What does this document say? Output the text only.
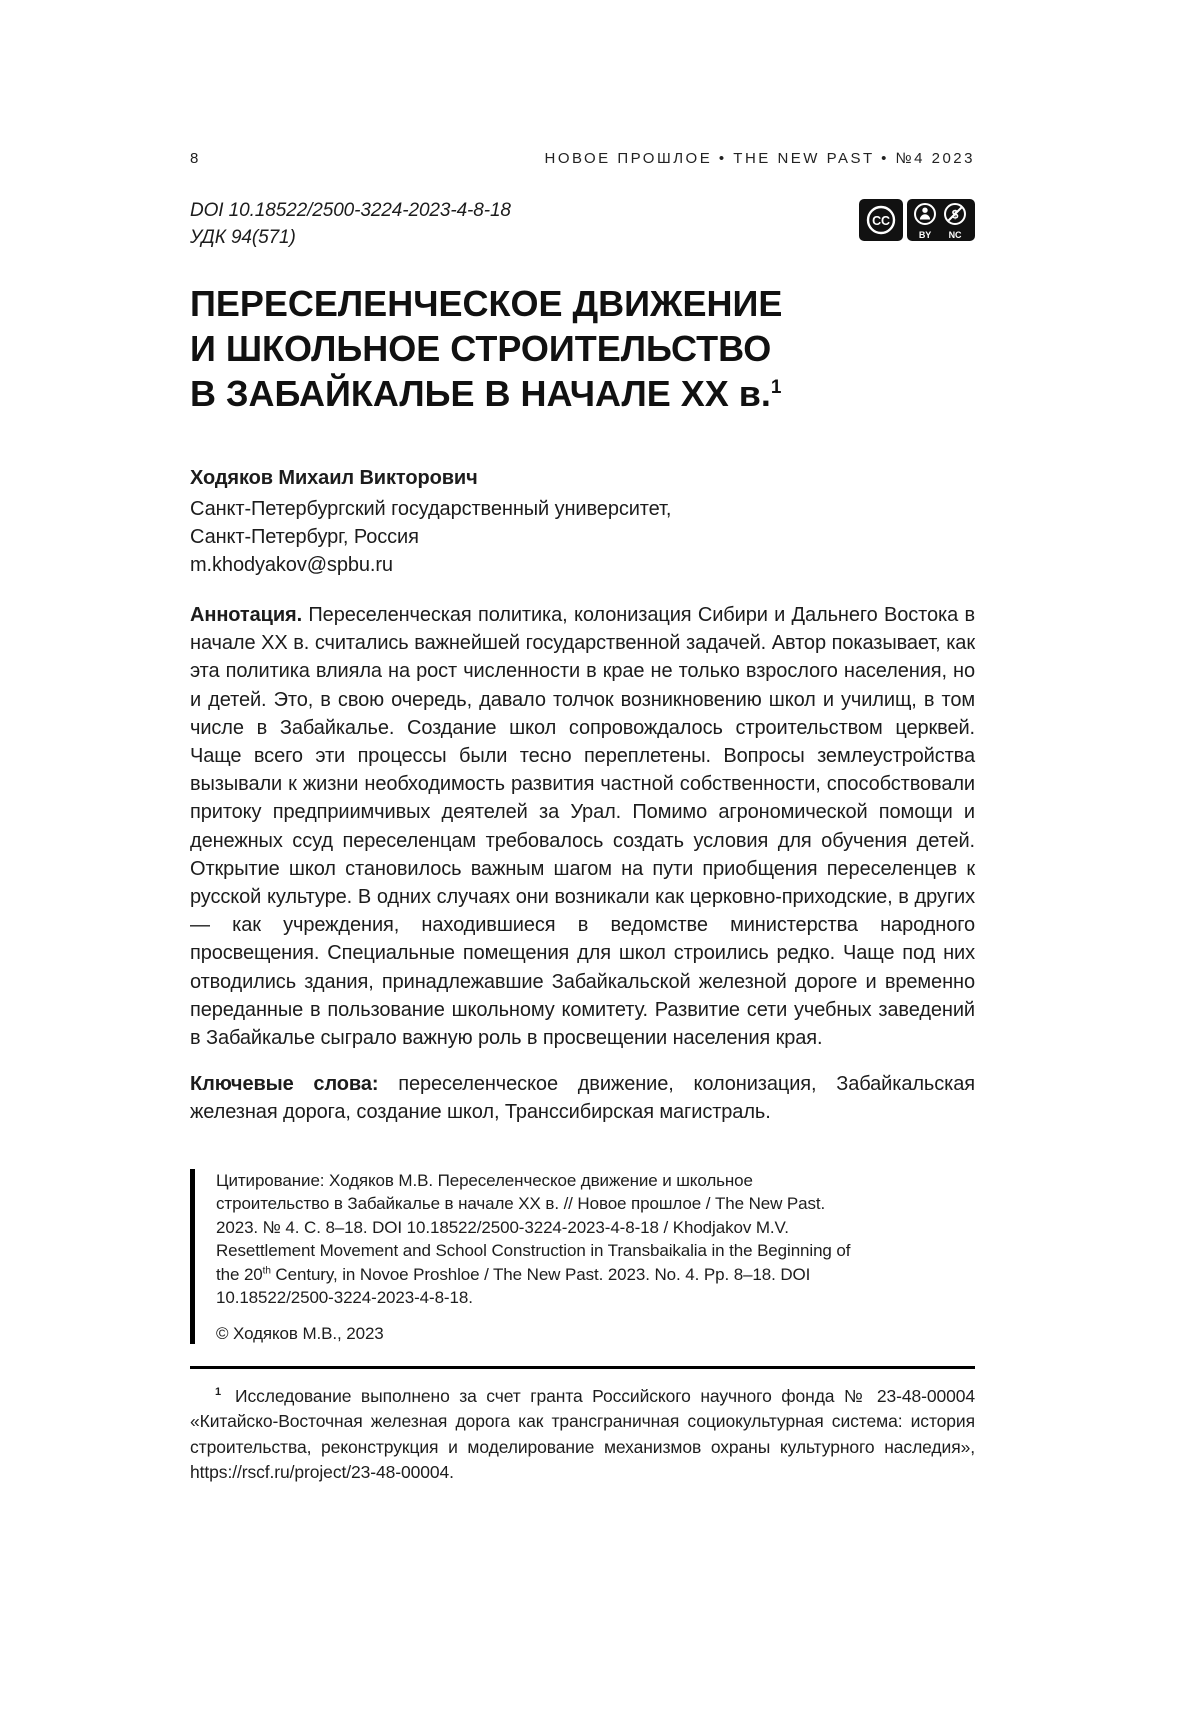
8	НОВОЕ ПРОШЛОЕ • THE NEW PAST • №4 2023
DOI 10.18522/2500-3224-2023-4-8-18
УДК 94(571)
CC
BY
$
NC
ПЕРЕСЕЛЕНЧЕСКОЕ ДВИЖЕНИЕ
И ШКОЛЬНОЕ СТРОИТЕЛЬСТВО
В ЗАБАЙКАЛЬЕ В НАЧАЛЕ XX в.$^1$
Ходяков Михаил Викторович
Санкт-Петербургский государственный университет,
Санкт-Петербург, Россия
m.khodyakov@spbu.ru

Аннотация. Переселенческая политика, колонизация Сибири и Дальнего Востока в начале XX в. считались важнейшей государственной задачей. Автор показывает, как эта политика влияла на рост численности в крае не только взрослого населения, но и детей. Это, в свою очередь, давало толчок возникновению школ и училищ, в том числе в Забайкалье. Создание школ сопровождалось строительством церквей. Чаще всего эти процессы были тесно переплетены. Вопросы землеустройства вызывали к жизни необходимость развития частной собственности, способствовали притоку предприимчивых деятелей за Урал. Помимо агрономической помощи и денежных ссуд переселенцам требовалось создать условия для обучения детей. Открытие школ становилось важным шагом на пути приобщения переселенцев к русской культуре. В одних случаях они возникали как церковно-приходские, в других — как учреждения, находившиеся в ведомстве министерства народного просвещения. Специальные помещения для школ строились редко. Чаще под них отводились здания, принадлежавшие Забайкальской железной дороге и временно переданные в пользование школьному комитету. Развитие сети учебных заведений в Забайкалье сыграло важную роль в просвещении населения края.

Ключевые слова: переселенческое движение, колонизация, Забайкальская железная дорога, создание школ, Транссибирская магистраль.

Цитирование: Ходяков М.В. Переселенческое движение и школьное строительство в Забайкалье в начале XX в. // Новое прошлое / The New Past. 2023. № 4. С. 8–18. DOI 10.18522/2500-3224-2023-4-8-18 / Khodjakov M.V. Resettlement Movement and School Construction in Transbaikalia in the Beginning of the 20th Century, in Novoe Proshloe / The New Past. 2023. No. 4. Pp. 8–18. DOI 10.18522/2500-3224-2023-4-8-18.

© Ходяков М.В., 2023

$^1$ Исследование выполнено за счет гранта Российского научного фонда № 23-48-00004 «Китайско-Восточная железная дорога как трансграничная социокультурная система: история строительства, реконструкция и моделирование механизмов охраны культурного наследия», https://rscf.ru/project/23-48-00004.
